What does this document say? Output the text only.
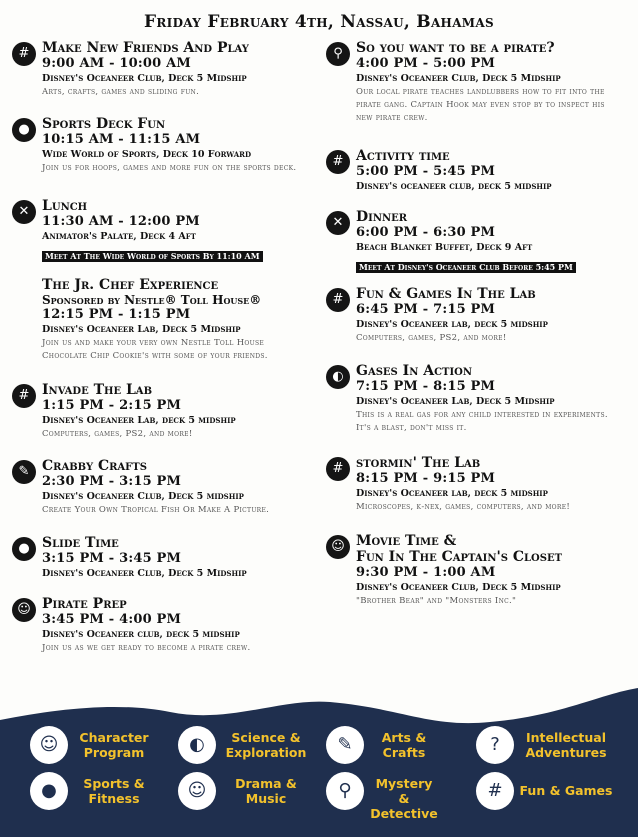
Friday February 4th, Nassau, Bahamas
# Make New Friends And Play
9:00 AM - 10:00 AM
Disney's Oceaneer Club, Deck 5 Midship
Arts, crafts, games and sliding fun.
● Sports Deck Fun
10:15 AM - 11:15 AM
Wide World of Sports, Deck 10 Forward
Join us for hoops, games and more fun on the sports deck.
✕ Lunch
11:30 AM - 12:00 PM
Animator's Palate, Deck 4 Aft
Meet At The Wide World of Sports By 11:10 AM
The Jr. Chef Experience
Sponsored by Nestle® Toll House®
12:15 PM - 1:15 PM
Disney's Oceaneer Lab, Deck 5 Midship
Join us and make your very own Nestle Toll House Chocolate Chip Cookie's with some of your friends.
# Invade The Lab
1:15 PM - 2:15 PM
Disney's Oceaneer Lab, deck 5 midship
Computers, games, PS2, and more!
✎ Crabby Crafts
2:30 PM - 3:15 PM
Disney's Oceaneer Club, Deck 5 midship
Create Your Own Tropical Fish Or Make A Picture.
● Slide Time
3:15 PM - 3:45 PM
Disney's Oceaneer Club, Deck 5 Midship
☺ Pirate Prep
3:45 PM - 4:00 PM
Disney's Oceaneer club, deck 5 midship
Join us as we get ready to become a pirate crew.
⚲ So you want to be a pirate?
4:00 PM - 5:00 PM
Disney's Oceaneer Club, Deck 5 Midship
Our local pirate teaches landlubbers how to fit into the pirate gang. Captain Hook may even stop by to inspect his new pirate crew.
# Activity time
5:00 PM - 5:45 PM
Disney's oceaneer club, deck 5 midship
✕ Dinner
6:00 PM - 6:30 PM
Beach Blanket Buffet, Deck 9 Aft
Meet At Disney's Oceaneer Club Before 5:45 PM
# Fun & Games In The Lab
6:45 PM - 7:15 PM
Disney's Oceaneer lab, deck 5 midship
Computers, games, PS2, and more!
◐ Gases In Action
7:15 PM - 8:15 PM
Disney's Oceaneer Lab, Deck 5 Midship
This is a real gas for any child interested in experiments. It's a blast, don't miss it.
# stormin' The Lab
8:15 PM - 9:15 PM
Disney's Oceaneer lab, deck 5 midship
Microscopes, k-nex, games, computers, and more!
☺ Movie Time &
Fun In The Captain's Closet
9:30 PM - 1:00 AM
Disney's Oceaneer Club, Deck 5 Midship
"Brother Bear" and "Monsters Inc."
☺	Character
Program	◐	Science &
Exploration	✎	Arts &
Crafts	?	Intellectual
Adventures
●	Sports &
Fitness	☺	Drama &
Music	⚲	Mystery &
Detective
#	Fun & Games
